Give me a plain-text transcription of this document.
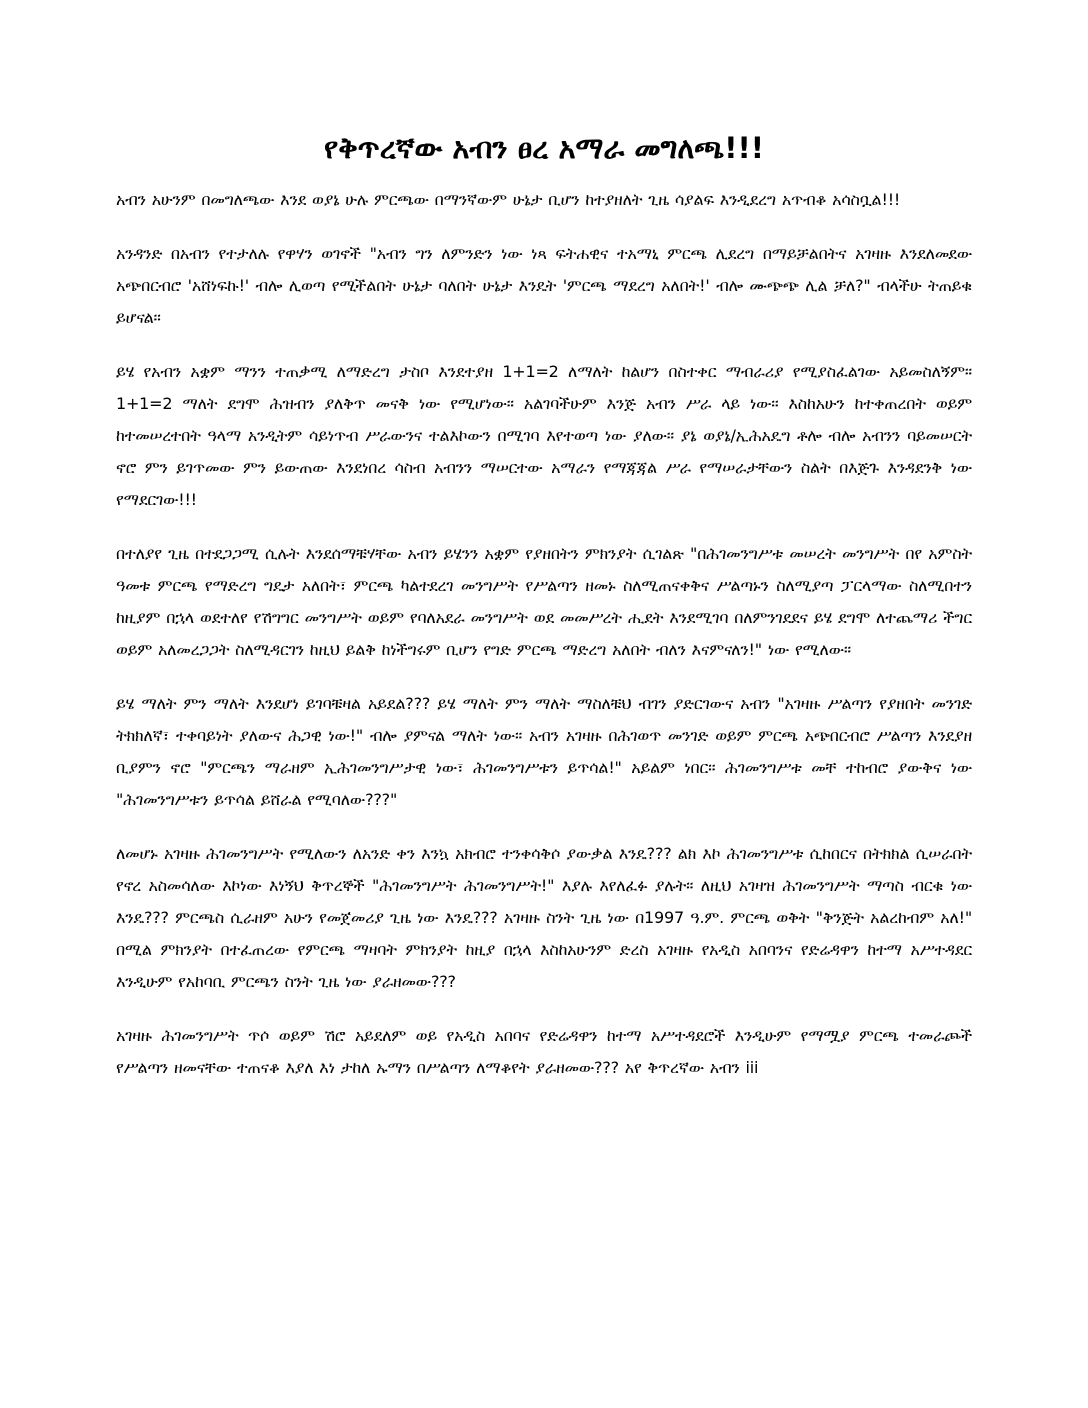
የቅጥረኛው አብን ፀረ አማራ መግለጫ!!!

አብን አሁንም በመግለጫው እንደ ወያኔ ሁሉ ምርጫው በማንኛውም ሁኔታ ቢሆን ከተያዘለት ጊዜ ሳያልፍ እንዲደረግ አጥብቆ አሳስቧል!!!

አንዳንድ በአብን የተታለሉ የዋሃን ወገኖች "አብን ግን ለምንድን ነው ነጻ ፍትሐዊና ተአማኒ ምርጫ ሊደረግ በማይቻልበትና አገዛዙ እንደለመደው አጭበርብሮ 'አሸነፍኩ!' ብሎ ሊወጣ የሚችልበት ሁኔታ ባለበት ሁኔታ እንዴት 'ምርጫ ማደረግ አለበት!' ብሎ ሙጭጭ ሊል ቻለ?" ብላችሁ ትጠይቁ ይሆናል፡፡

ይሄ የአብን አቋም ማንን ተጠቃሚ ለማድረግ ታስቦ እንደተያዘ 1+1=2 ለማለት ከልሆን በስተቀር ማብራሪያ የሚያስፈልገው አይመስለኝም፡፡ 1+1=2 ማለት ደግሞ ሕዝብን ያለቅጥ መናቅ ነው የሚሆነው፡፡ አልገባችሁም እንጅ አብን ሥራ ላይ ነው፡፡ እስከአሁን ከተቀጠረበት ወይም ከተመሠረተበት ዓላማ አንዲትም ሳይነጥብ ሥራውንና ተልእኮውን በሚገባ እየተወጣ ነው ያለው፡፡ ያኔ ወያኔ/ኢሕአዴግ ቶሎ ብሎ አብንን ባይመሠርት ኖሮ ምን ይገጥመው ምን ይውጠው እንደነበረ ሳስብ አብንን ማሠርተው አማራን የማጃጃል ሥራ የማሠራታቸውን ስልት በእጅጉ እንዳደንቅ ነው የማደርገው!!!

በተለያየ ጊዜ በተደጋጋሚ ሲሉት እንደሰማቹሃቸው አብን ይሄንን አቋም የያዘበትን ምክንያት ሲገልጽ "በሕገመንግሥቱ መሠረት መንግሥት በየ አምስት ዓመቱ ምርጫ የማድረግ ግዴታ አለበት፣ ምርጫ ካልተደረገ መንግሥት የሥልጣን ዘመኑ ስለሚጠናቀቅና ሥልጣኑን ስለሚያጣ ፓርላማው ስለሚበተን ከዚያም በኋላ ወደተለየ የሽግግር መንግሥት ወይም የባለአደራ መንግሥት ወደ መመሥረት ሒደት እንደሚገባ በለምንገደደና ይሄ ደግሞ ለተጨማሪ ችግር ወይም አለመረጋጋት ስለሚዳርገን ከዚህ ይልቅ ከነችግሩም ቢሆን የግድ ምርጫ ማድረግ አለበት ብለን እናምናለን!" ነው የሚለው፡፡

ይሄ ማለት ምን ማለት እንደሆነ ይገባቹዛል አይደል??? ይሄ ማለት ምን ማለት ማስለቹህ ብገን ያድርገውና አብን "አገዛዙ ሥልጣን የያዘበት መንገድ ትክክለኛ፣ ተቀባይነት ያለውና ሕጋዊ ነው!" ብሎ ያምናል ማለት ነው፡፡ አብን አገዛዙ በሕገወጥ መንገድ ወይም ምርጫ አጭበርብሮ ሥልጣን እንደያዘ ቢያምን ኖሮ "ምርጫን ማራዘም ኢሕገመንግሥታዊ ነው፣ ሕገመንግሥቱን ይጥሳል!" አይልም ነበር፡፡ ሕገመንግሥቱ መቸ ተከብሮ ያውቅና ነው "ሕገመንግሥቱን ይጥሳል ይሸራል የሚባለው???"

ለመሆኑ አገዛዙ ሕገመንግሥት የሚለውን ለአንድ ቀን እንኳ አክብሮ ተንቀሳቅሶ ያውቃል እንዴ??? ልክ እኮ ሕገመንግሥቱ ሲከበርና በትክክል ሲሠራበት የኖረ አስመሳለው እኮነው እነኝህ ቅጥረኞች "ሕገመንግሥት ሕገመንግሥት!" እያሉ እየለፈፉ ያሉት፡፡ ለዚህ አገዛዝ ሕገመንግሥት ማጣስ ብርቁ ነው እንዴ??? ምርጫስ ሲራዘም አሁን የመጀመሪያ ጊዜ ነው እንዴ??? አገዛዙ ስንት ጊዜ ነው በ1997 ዓ.ም. ምርጫ ወቅት "ቅንጅት አልረከብም አለ!" በሚል ምክንያት በተፈጠረው የምርጫ ማዛባት ምክንያት ከዚያ በኋላ እስከአሁንም ድረስ አገዛዙ የአዲስ አበባንና የድሬዳዋን ከተማ አሥተዳደር እንዲሁም የአከባቢ ምርጫን ስንት ጊዜ ነው ያራዘመው???

አገዛዙ ሕገመንግሥት ጥሶ ወይም ሽሮ አይደለም ወይ የአዲስ አበባና የድሬዳዋን ከተማ አሥተዳደሮች እንዲሁም የማሟያ ምርጫ ተመራጮች የሥልጣን ዘመናቸው ተጠናቆ እያለ እነ ታከለ ኡማን በሥልጣን ለማቆየት ያራዘመው??? አየ ቅጥረኛው አብን iii
